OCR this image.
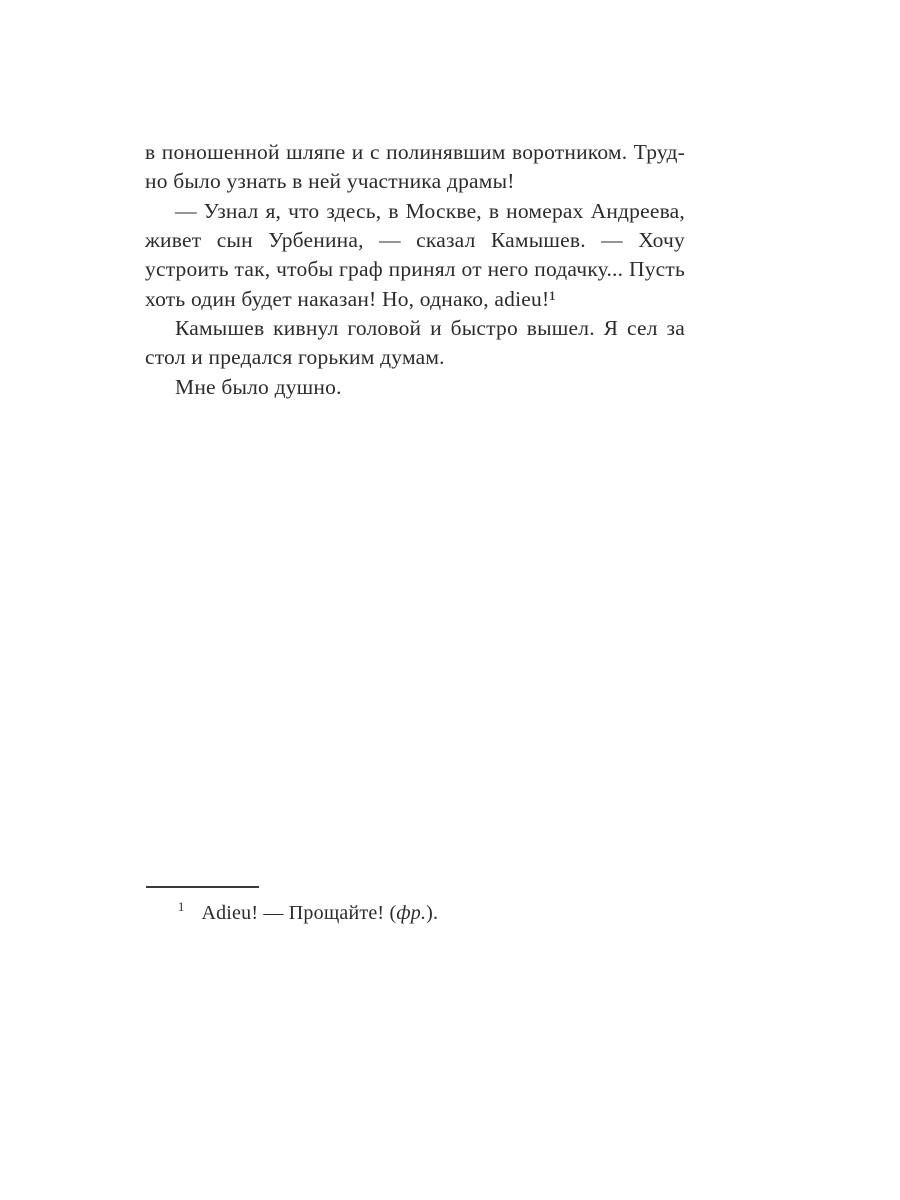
в поношенной шляпе и с полинявшим воротником. Труд-
но было узнать в ней участника драмы!
— Узнал я, что здесь, в Москве, в номерах Андреева,
живет сын Урбенина, — сказал Камышев. — Хочу
устроить так, чтобы граф принял от него подачку... Пусть
хоть один будет наказан! Но, однако, adieu!¹
Камышев кивнул головой и быстро вышел. Я сел за
стол и предался горьким думам.
Мне было душно.
$^1$ Adieu! — Прощайте! (фр.).
